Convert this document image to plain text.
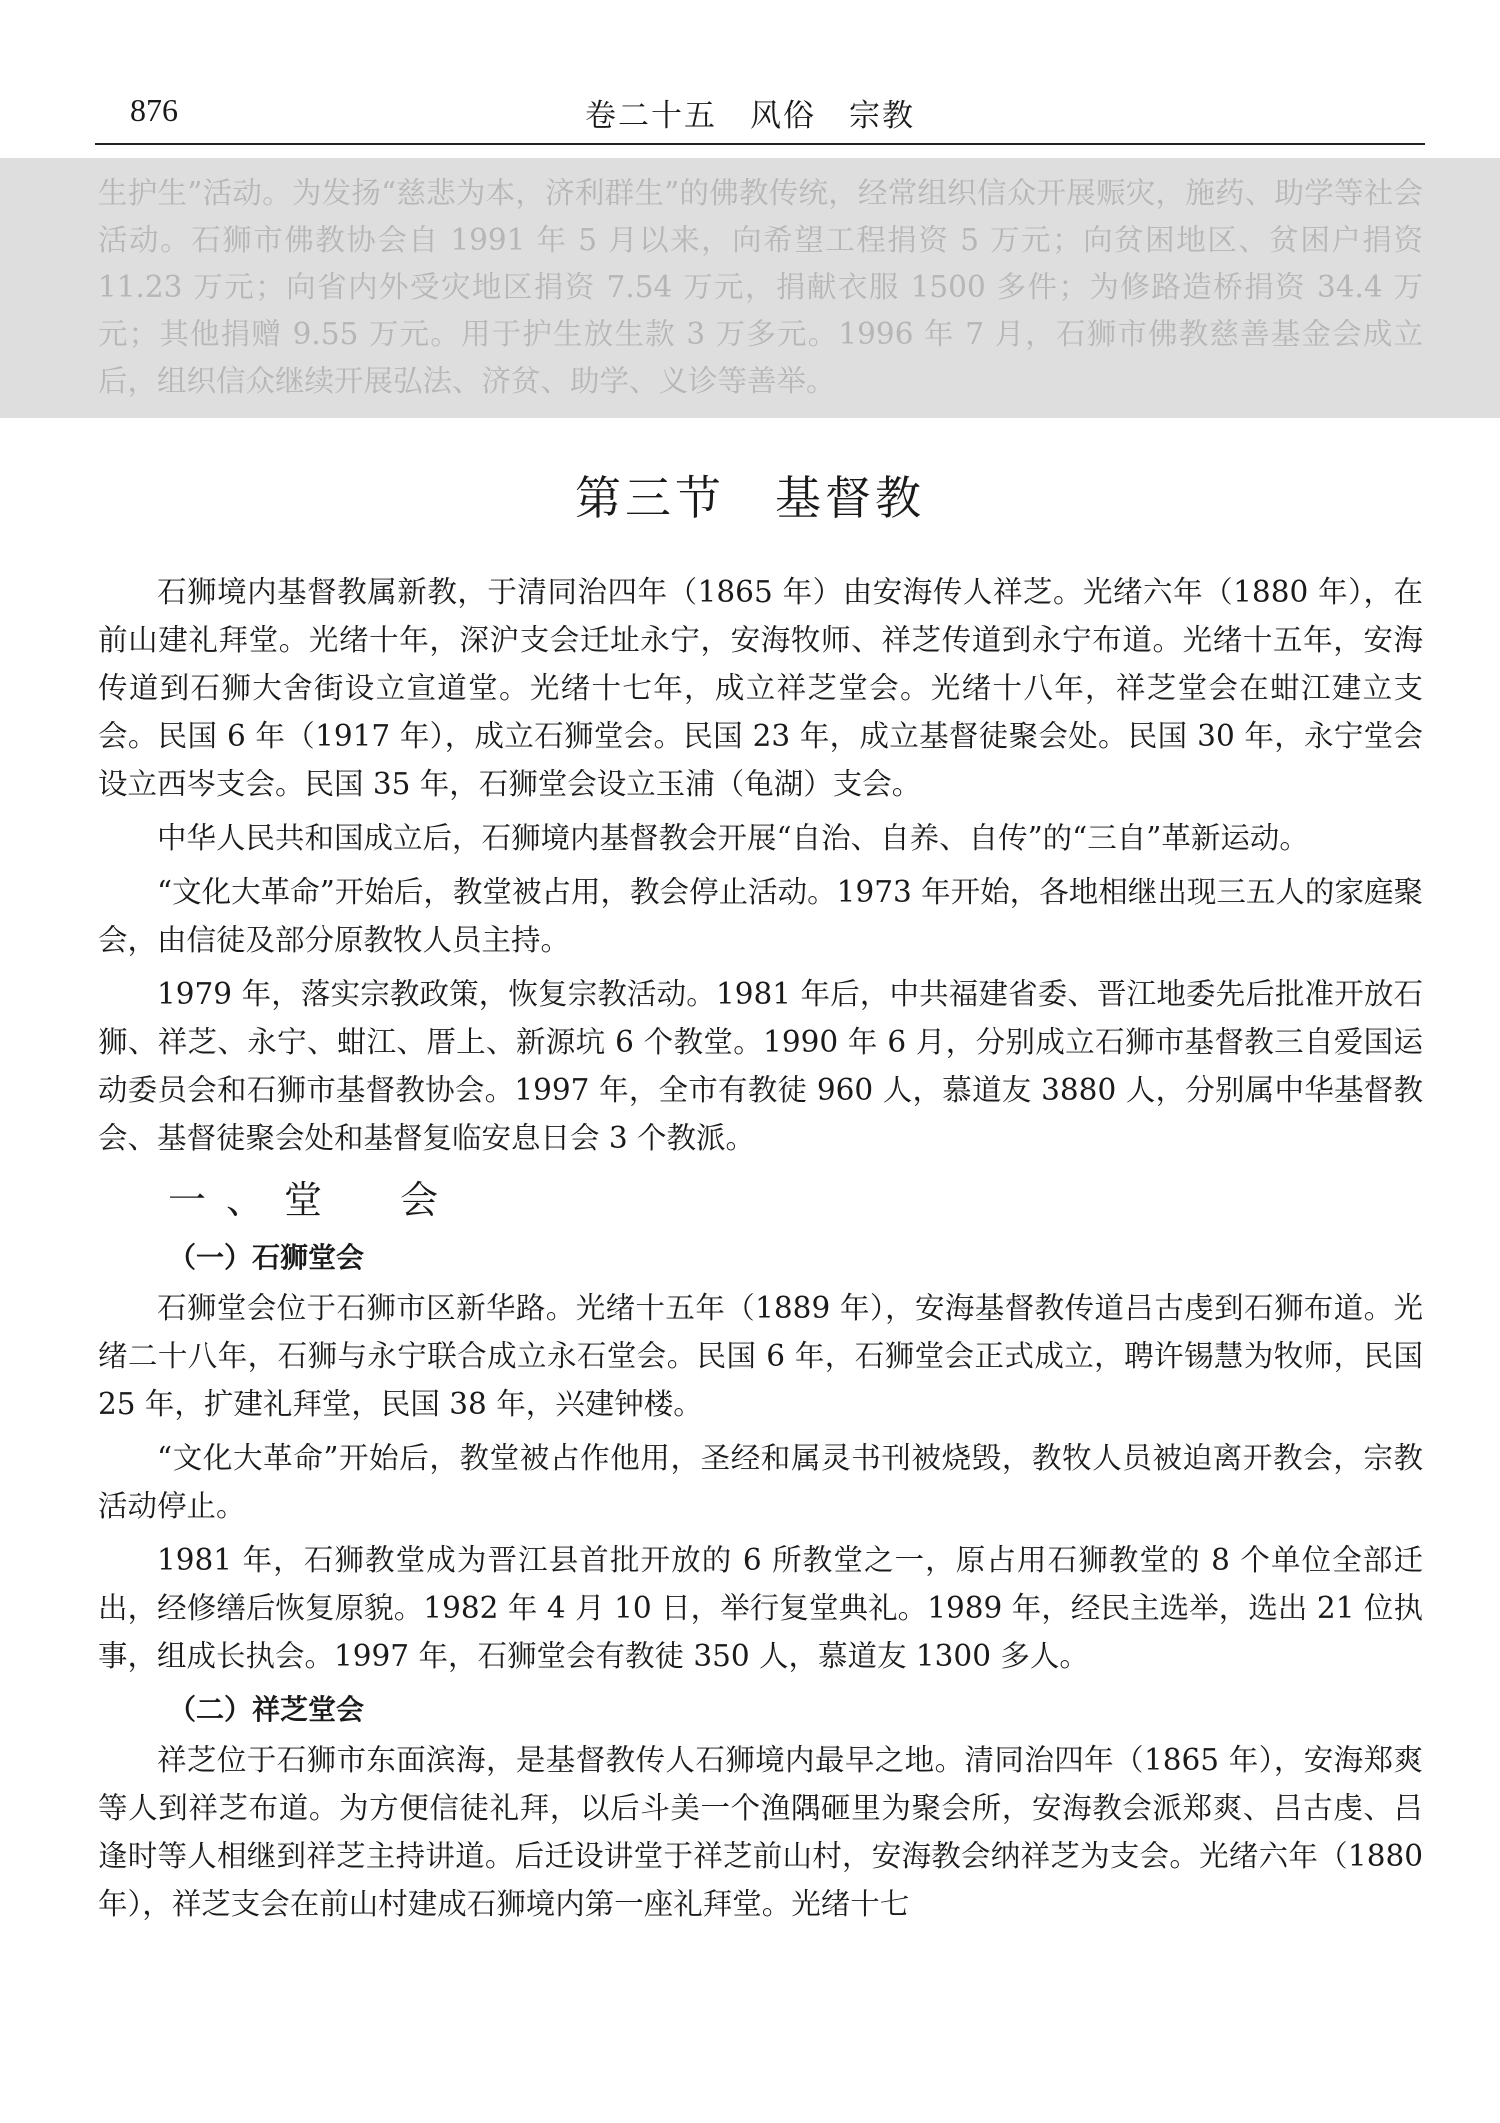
876	卷二十五　风俗　宗教
生护生”活动。为发扬“慈悲为本，济利群生”的佛教传统，经常组织信众开展赈灾，施药、助学等社会活动。石狮市佛教协会自 1991 年 5 月以来，向希望工程捐资 5 万元；向贫困地区、贫困户捐资 11.23 万元；向省内外受灾地区捐资 7.54 万元，捐献衣服 1500 多件；为修路造桥捐资 34.4 万元；其他捐赠 9.55 万元。用于护生放生款 3 万多元。1996 年 7 月，石狮市佛教慈善基金会成立后，组织信众继续开展弘法、济贫、助学、义诊等善举。
第三节　基督教

石狮境内基督教属新教，于清同治四年（1865 年）由安海传人祥芝。光绪六年（1880 年），在前山建礼拜堂。光绪十年，深沪支会迁址永宁，安海牧师、祥芝传道到永宁布道。光绪十五年，安海传道到石狮大舍街设立宣道堂。光绪十七年，成立祥芝堂会。光绪十八年，祥芝堂会在蚶江建立支会。民国 6 年（1917 年），成立石狮堂会。民国 23 年，成立基督徒聚会处。民国 30 年，永宁堂会设立西岑支会。民国 35 年，石狮堂会设立玉浦（龟湖）支会。

中华人民共和国成立后，石狮境内基督教会开展“自治、自养、自传”的“三自”革新运动。

“文化大革命”开始后，教堂被占用，教会停止活动。1973 年开始，各地相继出现三五人的家庭聚会，由信徒及部分原教牧人员主持。

1979 年，落实宗教政策，恢复宗教活动。1981 年后，中共福建省委、晋江地委先后批准开放石狮、祥芝、永宁、蚶江、厝上、新源坑 6 个教堂。1990 年 6 月，分别成立石狮市基督教三自爱国运动委员会和石狮市基督教协会。1997 年，全市有教徒 960 人，慕道友 3880 人，分别属中华基督教会、基督徒聚会处和基督复临安息日会 3 个教派。

一、堂　会
（一）石狮堂会

石狮堂会位于石狮市区新华路。光绪十五年（1889 年），安海基督教传道吕古虔到石狮布道。光绪二十八年，石狮与永宁联合成立永石堂会。民国 6 年，石狮堂会正式成立，聘许锡慧为牧师，民国 25 年，扩建礼拜堂，民国 38 年，兴建钟楼。

“文化大革命”开始后，教堂被占作他用，圣经和属灵书刊被烧毁，教牧人员被迫离开教会，宗教活动停止。

1981 年，石狮教堂成为晋江县首批开放的 6 所教堂之一，原占用石狮教堂的 8 个单位全部迁出，经修缮后恢复原貌。1982 年 4 月 10 日，举行复堂典礼。1989 年，经民主选举，选出 21 位执事，组成长执会。1997 年，石狮堂会有教徒 350 人，慕道友 1300 多人。

（二）祥芝堂会

祥芝位于石狮市东面滨海，是基督教传人石狮境内最早之地。清同治四年（1865 年），安海郑爽等人到祥芝布道。为方便信徒礼拜，以后斗美一个渔隅砸里为聚会所，安海教会派郑爽、吕古虔、吕逢时等人相继到祥芝主持讲道。后迁设讲堂于祥芝前山村，安海教会纳祥芝为支会。光绪六年（1880 年），祥芝支会在前山村建成石狮境内第一座礼拜堂。光绪十七
